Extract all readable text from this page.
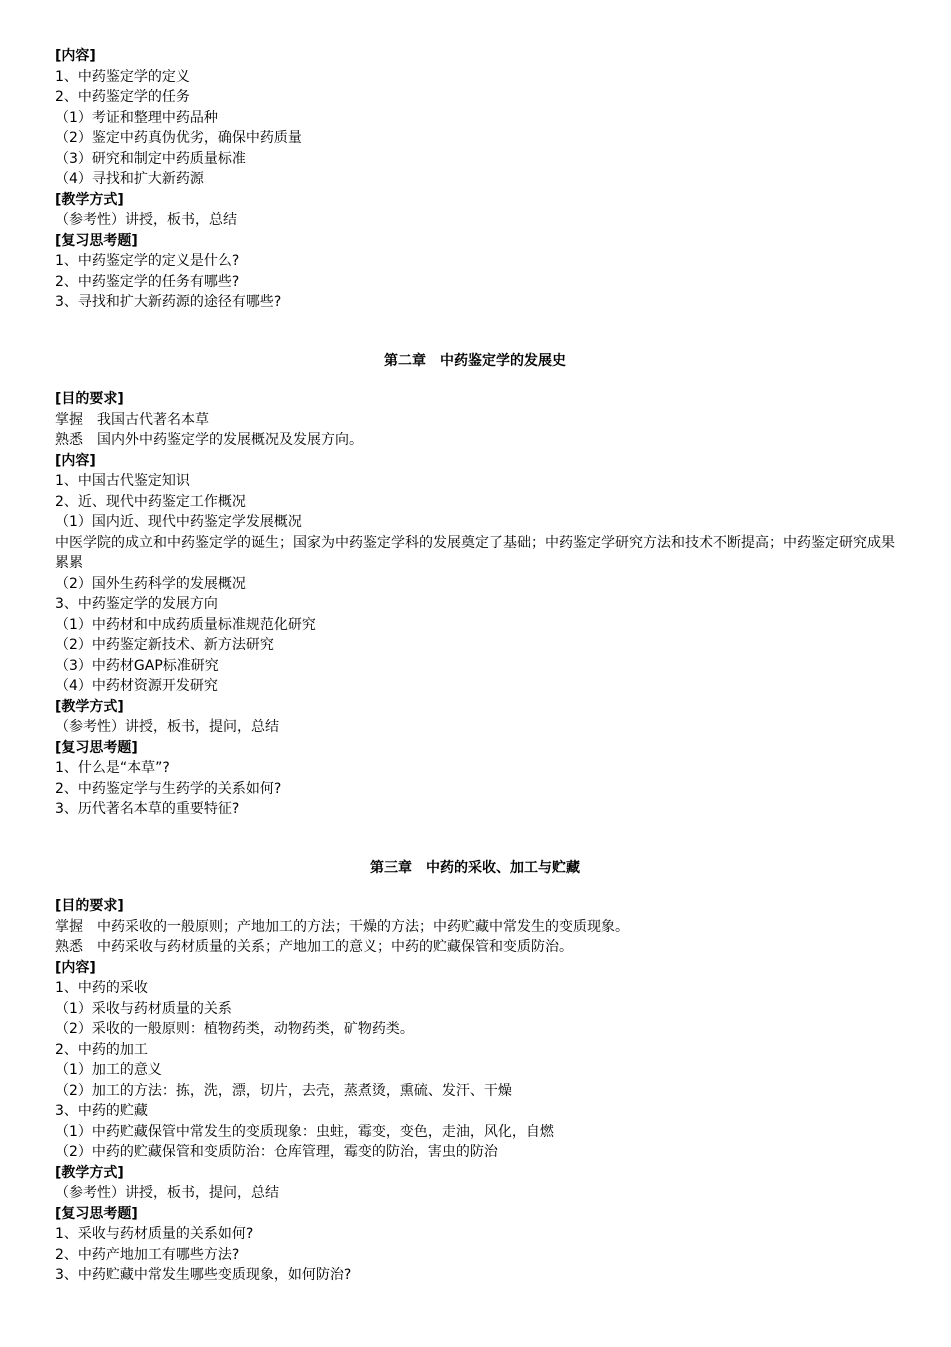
[内容]
1、中药鉴定学的定义
2、中药鉴定学的任务
（1）考证和整理中药品种
（2）鉴定中药真伪优劣，确保中药质量
（3）研究和制定中药质量标准
（4）寻找和扩大新药源
[教学方式]
（参考性）讲授，板书，总结
[复习思考题]
1、中药鉴定学的定义是什么?
2、中药鉴定学的任务有哪些?
3、寻找和扩大新药源的途径有哪些?
第二章　中药鉴定学的发展史
[目的要求]
掌握　我国古代著名本草
熟悉　国内外中药鉴定学的发展概况及发展方向。
[内容]
1、中国古代鉴定知识
2、近、现代中药鉴定工作概况
（1）国内近、现代中药鉴定学发展概况
中医学院的成立和中药鉴定学的诞生；国家为中药鉴定学科的发展奠定了基础；中药鉴定学研究方法和技术不断提高；中药鉴定研究成果累累
（2）国外生药科学的发展概况
3、中药鉴定学的发展方向
（1）中药材和中成药质量标准规范化研究
（2）中药鉴定新技术、新方法研究
（3）中药材GAP标准研究
（4）中药材资源开发研究
[教学方式]
（参考性）讲授，板书，提问，总结
[复习思考题]
1、什么是“本草”?
2、中药鉴定学与生药学的关系如何?
3、历代著名本草的重要特征?
第三章　中药的采收、加工与贮藏
[目的要求]
掌握　中药采收的一般原则；产地加工的方法；干燥的方法；中药贮藏中常发生的变质现象。
熟悉　中药采收与药材质量的关系；产地加工的意义；中药的贮藏保管和变质防治。
[内容]
1、中药的采收
（1）采收与药材质量的关系
（2）采收的一般原则：植物药类，动物药类，矿物药类。
2、中药的加工
（1）加工的意义
（2）加工的方法：拣，洗，漂，切片，去壳，蒸煮烫，熏硫、发汗、干燥
3、中药的贮藏
（1）中药贮藏保管中常发生的变质现象：虫蛀，霉变，变色，走油，风化，自燃
（2）中药的贮藏保管和变质防治：仓库管理，霉变的防治，害虫的防治
[教学方式]
（参考性）讲授，板书，提问，总结
[复习思考题]
1、采收与药材质量的关系如何?
2、中药产地加工有哪些方法?
3、中药贮藏中常发生哪些变质现象，如何防治?
